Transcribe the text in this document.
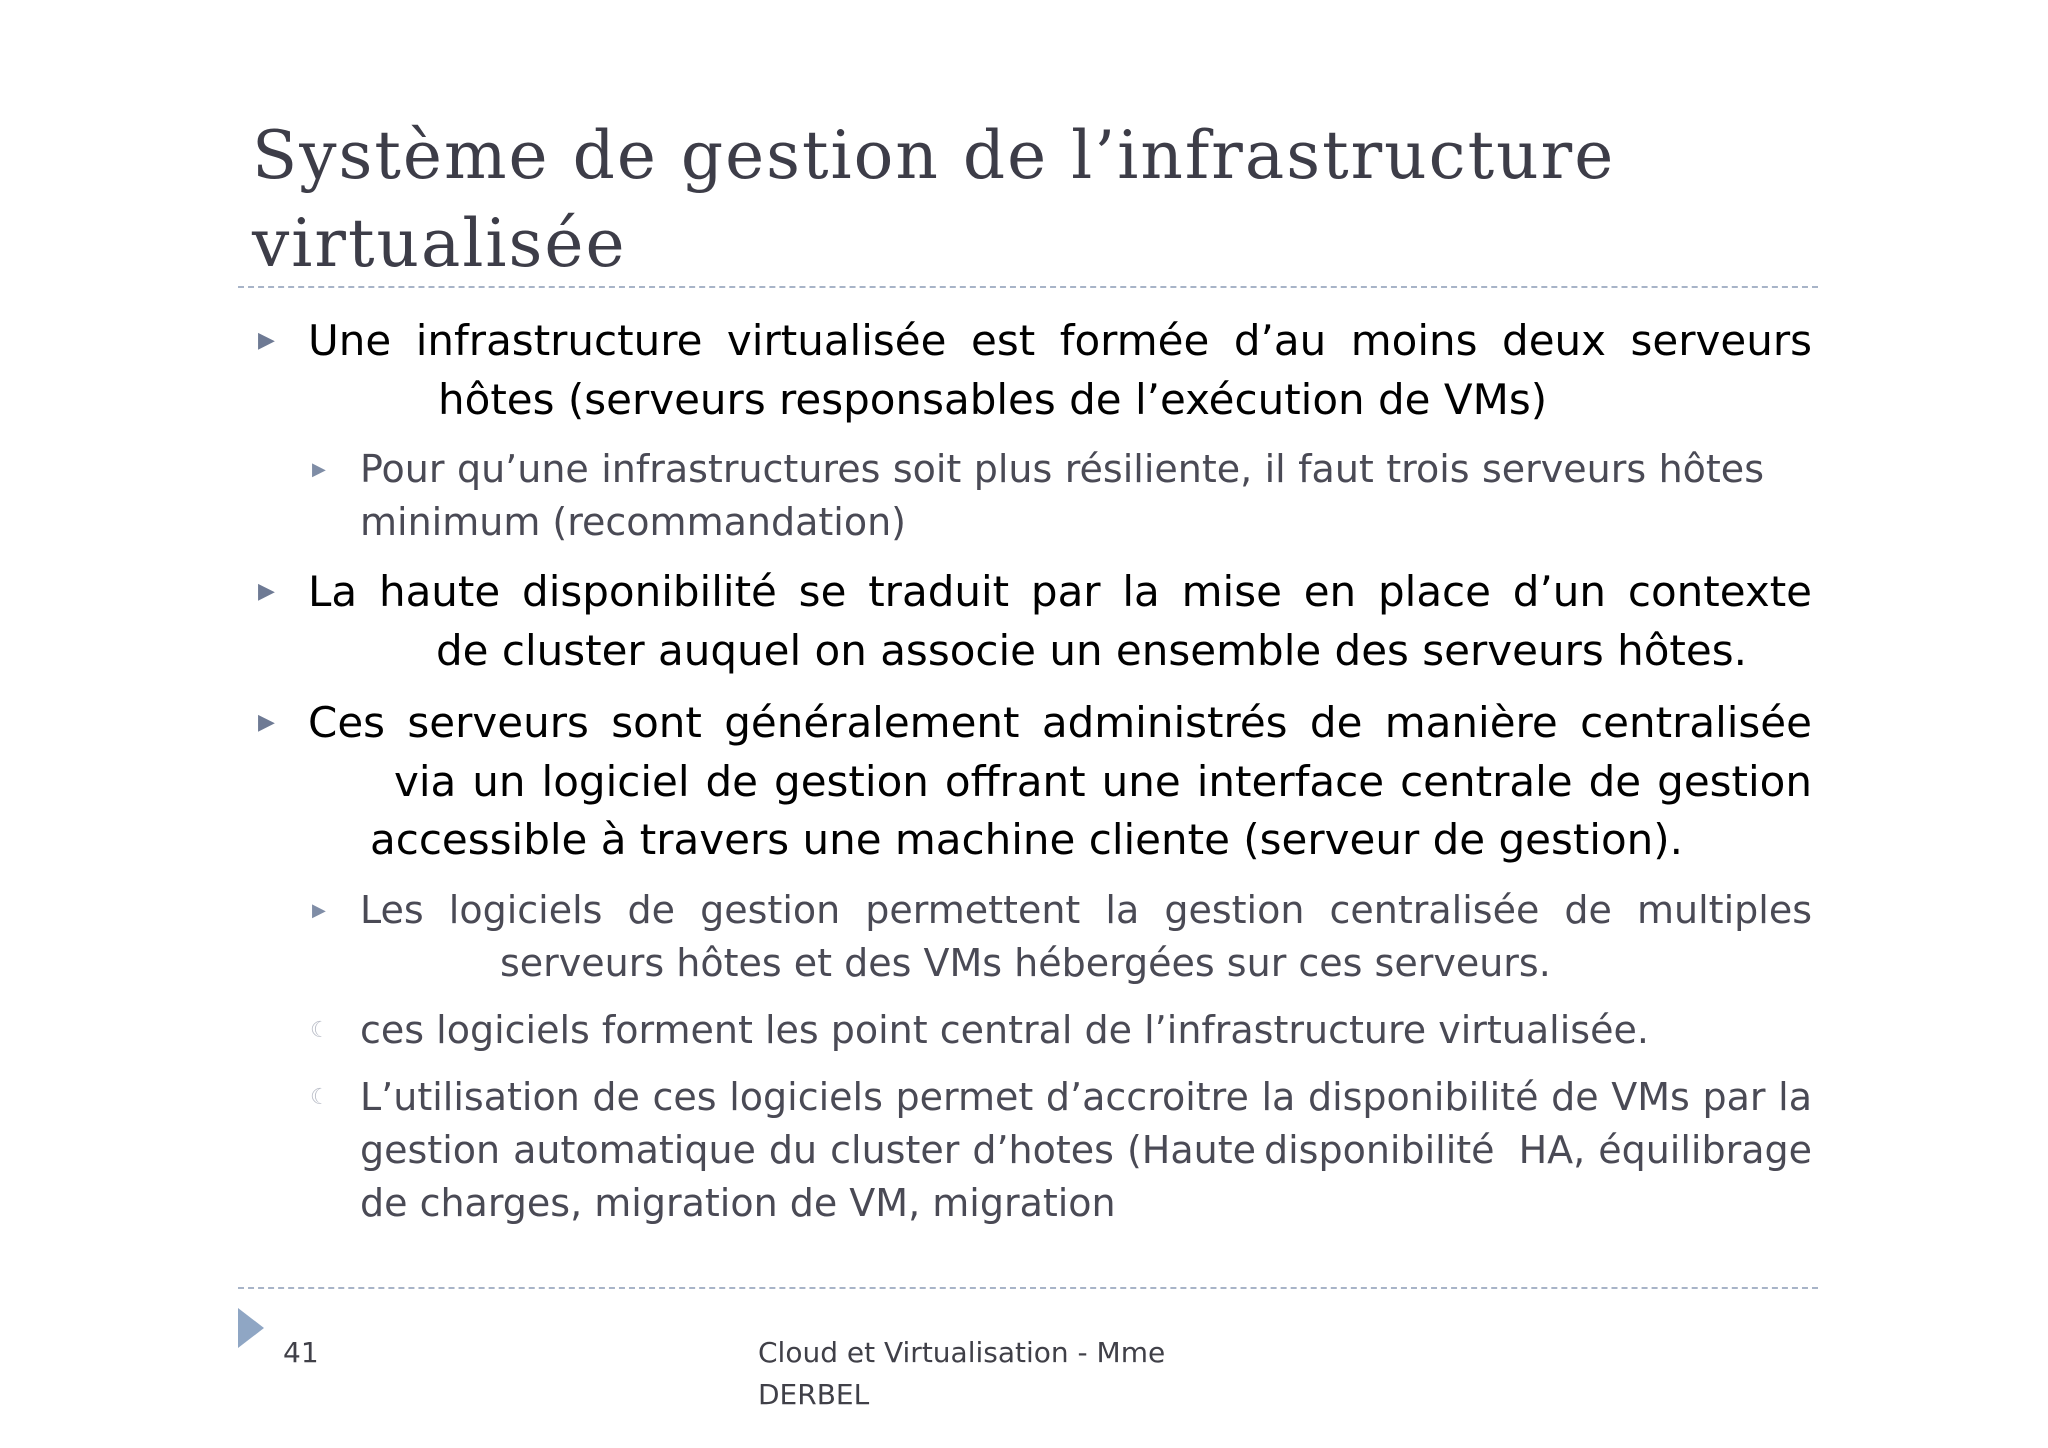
Système de gestion de l’infrastructure
virtualisée
▶ Une infrastructure virtualisée est formée d’au moins deux serveurshôtes (serveurs responsables de l’exécution de VMs)
▶ Pour qu’une infrastructures soit plus résiliente, il faut trois serveurs hôtesminimum (recommandation)
▶ La haute disponibilité se traduit par la mise en place d’un contextede cluster auquel on associe un ensemble des serveurs hôtes.
▶ Ces serveurs sont généralement administrés de manière centraliséevia un logiciel de gestion offrant une interface centrale de gestionaccessible à travers une machine cliente (serveur de gestion).
▶ Les logiciels de gestion permettent la gestion centralisée de multiplesserveurs hôtes et des VMs hébergées sur ces serveurs.
☾ ces logiciels forment les point central de l’infrastructure virtualisée.
☾ L’utilisation de ces logiciels permet d’accroitre la disponibilité de VMs par la gestion automatique du cluster d’hotes (Haute disponibilité HA, équilibrage de charges, migration de VM, migration
41	Cloud et Virtualisation - Mme DERBEL
